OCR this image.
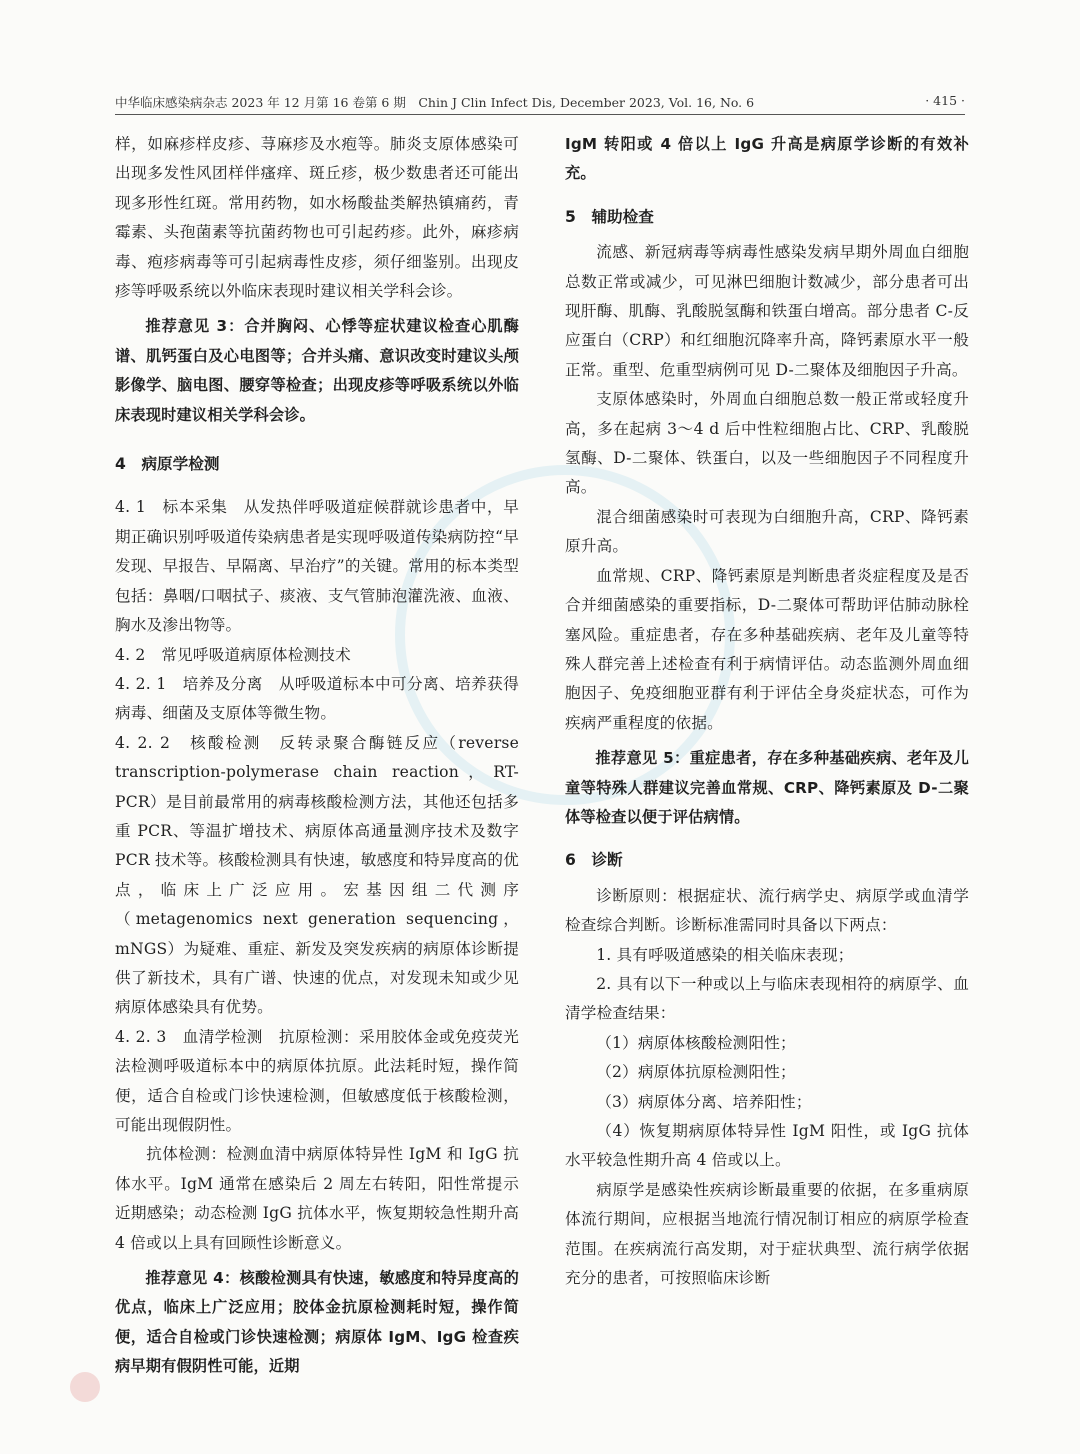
中华临床感染病杂志 2023 年 12 月第 16 卷第 6 期　Chin J Clin Infect Dis, December 2023, Vol. 16, No. 6	· 415 ·

样，如麻疹样皮疹、荨麻疹及水疱等。肺炎支原体感染可出现多发性风团样伴瘙痒、斑丘疹，极少数患者还可能出现多形性红斑。常用药物，如水杨酸盐类解热镇痛药，青霉素、头孢菌素等抗菌药物也可引起药疹。此外，麻疹病毒、疱疹病毒等可引起病毒性皮疹，须仔细鉴别。出现皮疹等呼吸系统以外临床表现时建议相关学科会诊。

推荐意见 3：合并胸闷、心悸等症状建议检查心肌酶谱、肌钙蛋白及心电图等；合并头痛、意识改变时建议头颅影像学、脑电图、腰穿等检查；出现皮疹等呼吸系统以外临床表现时建议相关学科会诊。

4　病原学检测

4. 1　标本采集　从发热伴呼吸道症候群就诊患者中，早期正确识别呼吸道传染病患者是实现呼吸道传染病防控“早发现、早报告、早隔离、早治疗”的关键。常用的标本类型包括：鼻咽/口咽拭子、痰液、支气管肺泡灌洗液、血液、胸水及渗出物等。

4. 2　常见呼吸道病原体检测技术

4. 2. 1　培养及分离　从呼吸道标本中可分离、培养获得病毒、细菌及支原体等微生物。

4. 2. 2　核酸检测　反转录聚合酶链反应（reverse transcription-polymerase chain reaction，RT-PCR）是目前最常用的病毒核酸检测方法，其他还包括多重 PCR、等温扩增技术、病原体高通量测序技术及数字 PCR 技术等。核酸检测具有快速，敏感度和特异度高的优点，临床上广泛应用。宏基因组二代测序（metagenomics next generation sequencing，mNGS）为疑难、重症、新发及突发疾病的病原体诊断提供了新技术，具有广谱、快速的优点，对发现未知或少见病原体感染具有优势。

4. 2. 3　血清学检测　抗原检测：采用胶体金或免疫荧光法检测呼吸道标本中的病原体抗原。此法耗时短，操作简便，适合自检或门诊快速检测，但敏感度低于核酸检测，可能出现假阴性。

抗体检测：检测血清中病原体特异性 IgM 和 IgG 抗体水平。IgM 通常在感染后 2 周左右转阳，阳性常提示近期感染；动态检测 IgG 抗体水平，恢复期较急性期升高 4 倍或以上具有回顾性诊断意义。

推荐意见 4：核酸检测具有快速，敏感度和特异度高的优点，临床上广泛应用；胶体金抗原检测耗时短，操作简便，适合自检或门诊快速检测；病原体 IgM、IgG 检查疾病早期有假阴性可能，近期

IgM 转阳或 4 倍以上 IgG 升高是病原学诊断的有效补充。

5　辅助检查

流感、新冠病毒等病毒性感染发病早期外周血白细胞总数正常或减少，可见淋巴细胞计数减少，部分患者可出现肝酶、肌酶、乳酸脱氢酶和铁蛋白增高。部分患者 C-反应蛋白（CRP）和红细胞沉降率升高，降钙素原水平一般正常。重型、危重型病例可见 D-二聚体及细胞因子升高。

支原体感染时，外周血白细胞总数一般正常或轻度升高，多在起病 3～4 d 后中性粒细胞占比、CRP、乳酸脱氢酶、D-二聚体、铁蛋白，以及一些细胞因子不同程度升高。

混合细菌感染时可表现为白细胞升高，CRP、降钙素原升高。

血常规、CRP、降钙素原是判断患者炎症程度及是否合并细菌感染的重要指标，D-二聚体可帮助评估肺动脉栓塞风险。重症患者，存在多种基础疾病、老年及儿童等特殊人群完善上述检查有利于病情评估。动态监测外周血细胞因子、免疫细胞亚群有利于评估全身炎症状态，可作为疾病严重程度的依据。

推荐意见 5：重症患者，存在多种基础疾病、老年及儿童等特殊人群建议完善血常规、CRP、降钙素原及 D-二聚体等检查以便于评估病情。

6　诊断

诊断原则：根据症状、流行病学史、病原学或血清学检查综合判断。诊断标准需同时具备以下两点：

1. 具有呼吸道感染的相关临床表现；

2. 具有以下一种或以上与临床表现相符的病原学、血清学检查结果：

（1）病原体核酸检测阳性；

（2）病原体抗原检测阳性；

（3）病原体分离、培养阳性；

（4）恢复期病原体特异性 IgM 阳性，或 IgG 抗体水平较急性期升高 4 倍或以上。

病原学是感染性疾病诊断最重要的依据，在多重病原体流行期间，应根据当地流行情况制订相应的病原学检查范围。在疾病流行高发期，对于症状典型、流行病学依据充分的患者，可按照临床诊断
